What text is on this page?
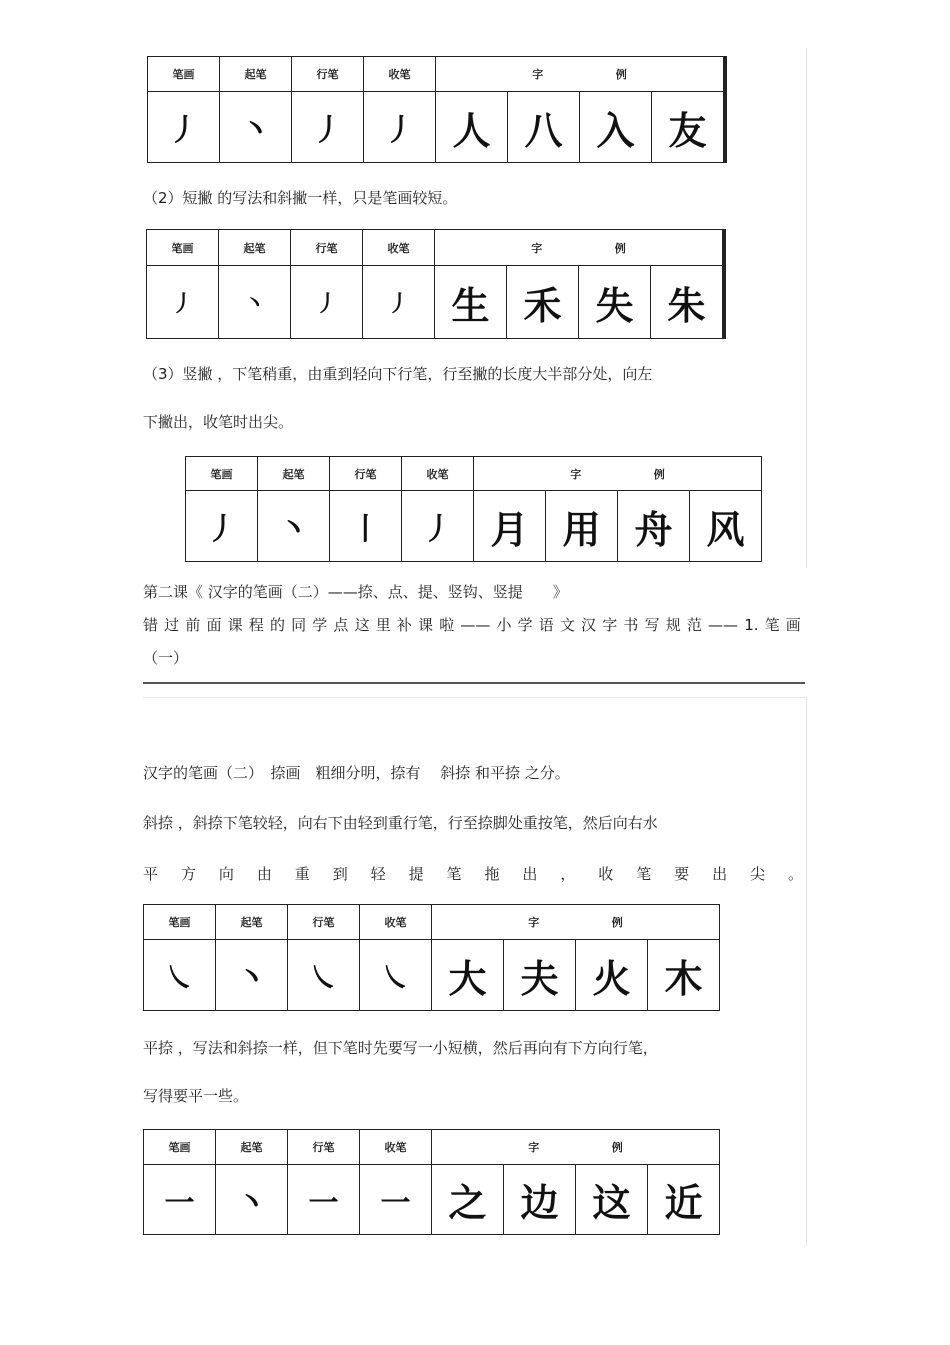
笔画	起笔	行笔	收笔	字 例			

丿	丶	丿	丿	人	八	入	友
（2）短撇 的写法和斜撇一样，只是笔画较短。
笔画	起笔	行笔	收笔	字 例			

丿	丶	丿	丿	生	禾	失	朱
（3）竖撇 ，下笔稍重，由重到轻向下行笔，行至撇的长度大半部分处，向左
下撇出，收笔时出尖。
笔画	起笔	行笔	收笔	字 例			

丿	丶	丨	丿	月	用	舟	风
第二课《 汉字的笔画（二）——捺、点、提、竖钩、竖提　　》
错 过 前 面 课 程 的 同 学 点 这 里 补 课 啦 —— 小 学 语 文 汉 字 书 写 规 范 —— 1. 笔 画
（一）
汉字的笔画（二）　捺画　粗细分明，捺有　 斜捺 和平捺 之分。
斜捺 ，斜捺下笔较轻，向右下由轻到重行笔，行至捺脚处重按笔，然后向右水
平 方 向 由 重 到 轻 提 笔 拖 出 ， 收 笔 要 出 尖 。
笔画	起笔	行笔	收笔	字 例			

㇏	丶	㇏	㇏	大	夫	火	木
平捺 ，写法和斜捺一样，但下笔时先要写一小短横，然后再向有下方向行笔，
写得要平一些。
笔画	起笔	行笔	收笔	字 例			

一	丶	一	一	之	边	这	近
